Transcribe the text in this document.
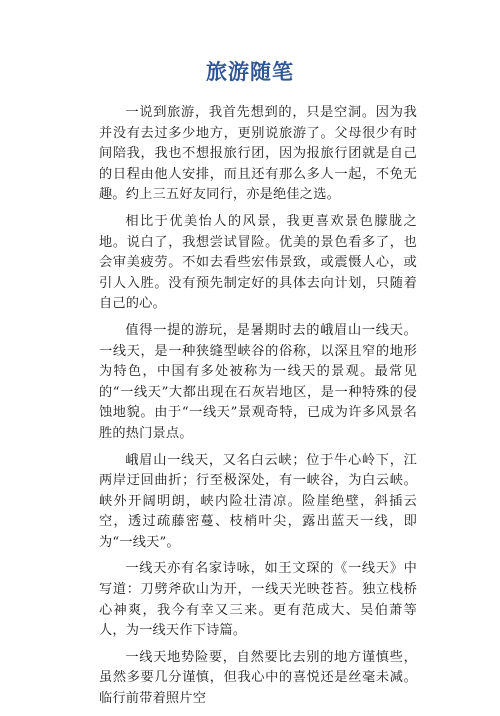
旅游随笔

一说到旅游，我首先想到的，只是空洞。因为我并没有去过多少地方，更别说旅游了。父母很少有时间陪我，我也不想报旅行团，因为报旅行团就是自己的日程由他人安排，而且还有那么多人一起，不免无趣。约上三五好友同行，亦是绝佳之选。

相比于优美怡人的风景，我更喜欢景色朦胧之地。说白了，我想尝试冒险。优美的景色看多了，也会审美疲劳。不如去看些宏伟景致，或震慑人心，或引人入胜。没有预先制定好的具体去向计划，只随着自己的心。

值得一提的游玩，是暑期时去的峨眉山一线天。一线天，是一种狭缝型峡谷的俗称，以深且窄的地形为特色，中国有多处被称为一线天的景观。最常见的“一线天”大都出现在石灰岩地区，是一种特殊的侵蚀地貌。由于“一线天”景观奇特，已成为许多风景名胜的热门景点。

峨眉山一线天，又名白云峡；位于牛心岭下，江两岸迂回曲折；行至极深处，有一峡谷，为白云峡。峡外开阔明朗，峡内险壮清凉。险崖绝壁，斜插云空，透过疏藤密蔓、枝梢叶尖，露出蓝天一线，即为“一线天”。

一线天亦有名家诗咏，如王文琛的《一线天》中写道：刀劈斧砍山为开，一线天光映苍苔。独立栈桥心神爽，我今有幸又三来。更有范成大、吴伯萧等人，为一线天作下诗篇。

一线天地势险要，自然要比去别的地方谨慎些，虽然多要几分谨慎，但我心中的喜悦还是丝毫未减。临行前带着照片空
